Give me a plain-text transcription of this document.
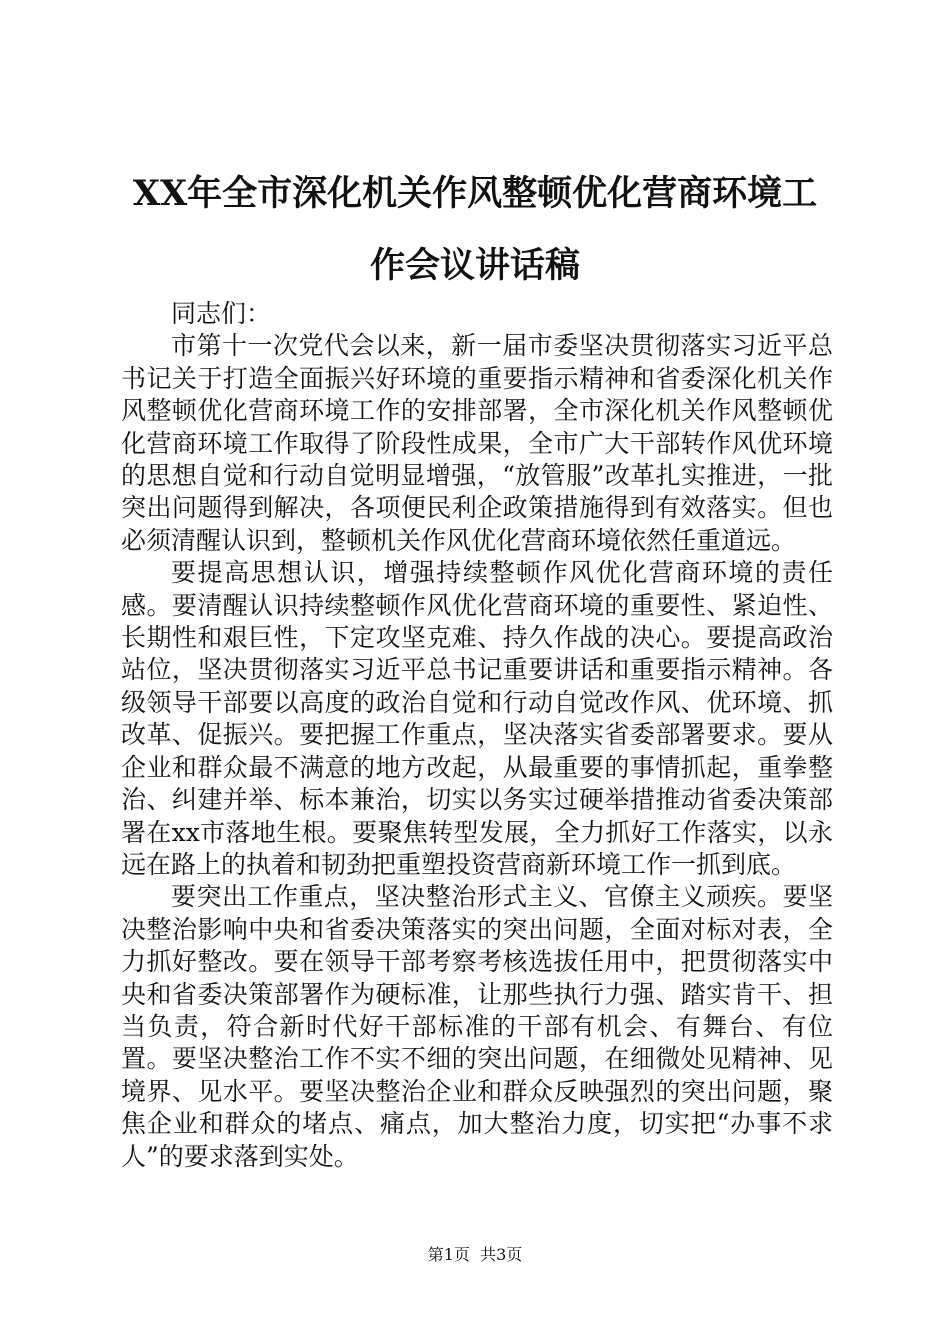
XX年全市深化机关作风整顿优化营商环境工
作会议讲话稿

同志们：

市第十一次党代会以来，新一届市委坚决贯彻落实习近平总书记关于打造全面振兴好环境的重要指示精神和省委深化机关作风整顿优化营商环境工作的安排部署，全市深化机关作风整顿优化营商环境工作取得了阶段性成果，全市广大干部转作风优环境的思想自觉和行动自觉明显增强，“放管服”改革扎实推进，一批突出问题得到解决，各项便民利企政策措施得到有效落实。但也必须清醒认识到，整顿机关作风优化营商环境依然任重道远。

要提高思想认识，增强持续整顿作风优化营商环境的责任感。要清醒认识持续整顿作风优化营商环境的重要性、紧迫性、长期性和艰巨性，下定攻坚克难、持久作战的决心。要提高政治站位，坚决贯彻落实习近平总书记重要讲话和重要指示精神。各级领导干部要以高度的政治自觉和行动自觉改作风、优环境、抓改革、促振兴。要把握工作重点，坚决落实省委部署要求。要从企业和群众最不满意的地方改起，从最重要的事情抓起，重拳整治、纠建并举、标本兼治，切实以务实过硬举措推动省委决策部署在xx市落地生根。要聚焦转型发展，全力抓好工作落实，以永远在路上的执着和韧劲把重塑投资营商新环境工作一抓到底。

要突出工作重点，坚决整治形式主义、官僚主义顽疾。要坚决整治影响中央和省委决策落实的突出问题，全面对标对表，全力抓好整改。要在领导干部考察考核选拔任用中，把贯彻落实中央和省委决策部署作为硬标准，让那些执行力强、踏实肯干、担当负责，符合新时代好干部标准的干部有机会、有舞台、有位置。要坚决整治工作不实不细的突出问题，在细微处见精神、见境界、见水平。要坚决整治企业和群众反映强烈的突出问题，聚焦企业和群众的堵点、痛点，加大整治力度，切实把“办事不求人”的要求落到实处。

第1页 共3页
